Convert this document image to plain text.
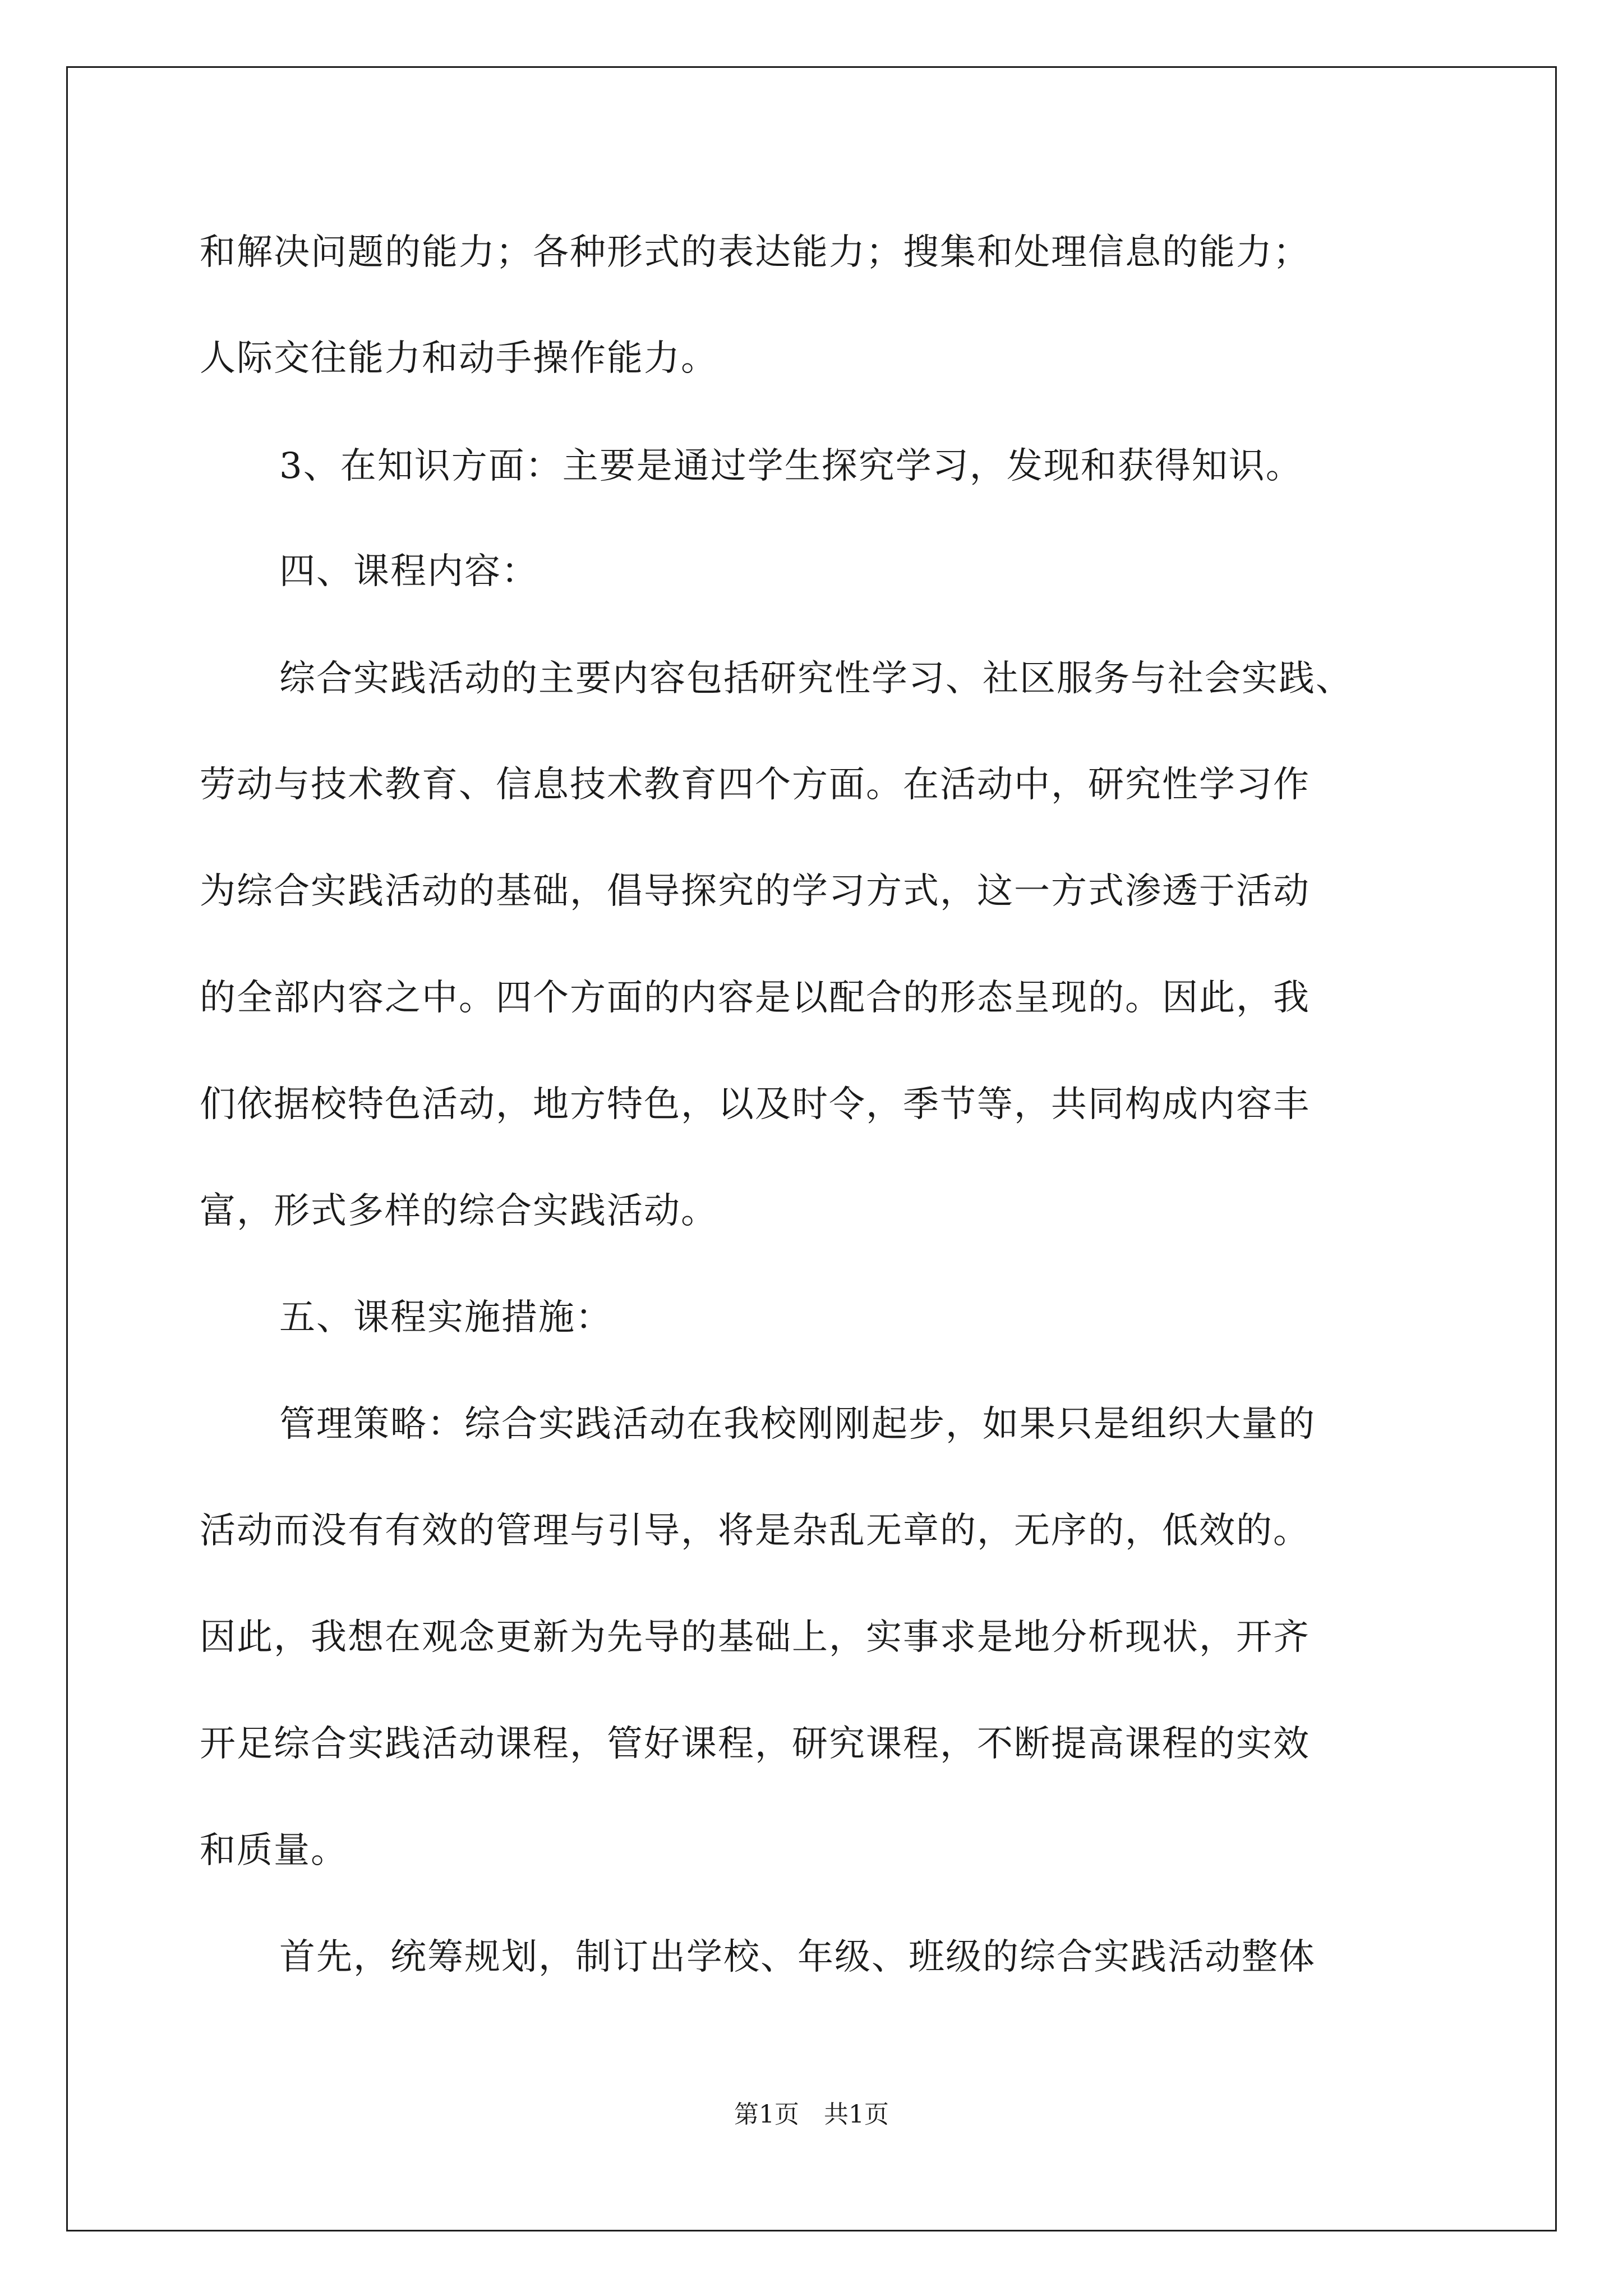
和解决问题的能力；各种形式的表达能力；搜集和处理信息的能力；
人际交往能力和动手操作能力。
3、在知识方面：主要是通过学生探究学习，发现和获得知识。
四、课程内容：
综合实践活动的主要内容包括研究性学习、社区服务与社会实践、
劳动与技术教育、信息技术教育四个方面。在活动中，研究性学习作
为综合实践活动的基础，倡导探究的学习方式，这一方式渗透于活动
的全部内容之中。四个方面的内容是以配合的形态呈现的。因此，我
们依据校特色活动，地方特色，以及时令，季节等，共同构成内容丰
富，形式多样的综合实践活动。
五、课程实施措施：
管理策略：综合实践活动在我校刚刚起步，如果只是组织大量的
活动而没有有效的管理与引导，将是杂乱无章的，无序的，低效的。
因此，我想在观念更新为先导的基础上，实事求是地分析现状，开齐
开足综合实践活动课程，管好课程，研究课程，不断提高课程的实效
和质量。
首先，统筹规划，制订出学校、年级、班级的综合实践活动整体
第1页　共1页
